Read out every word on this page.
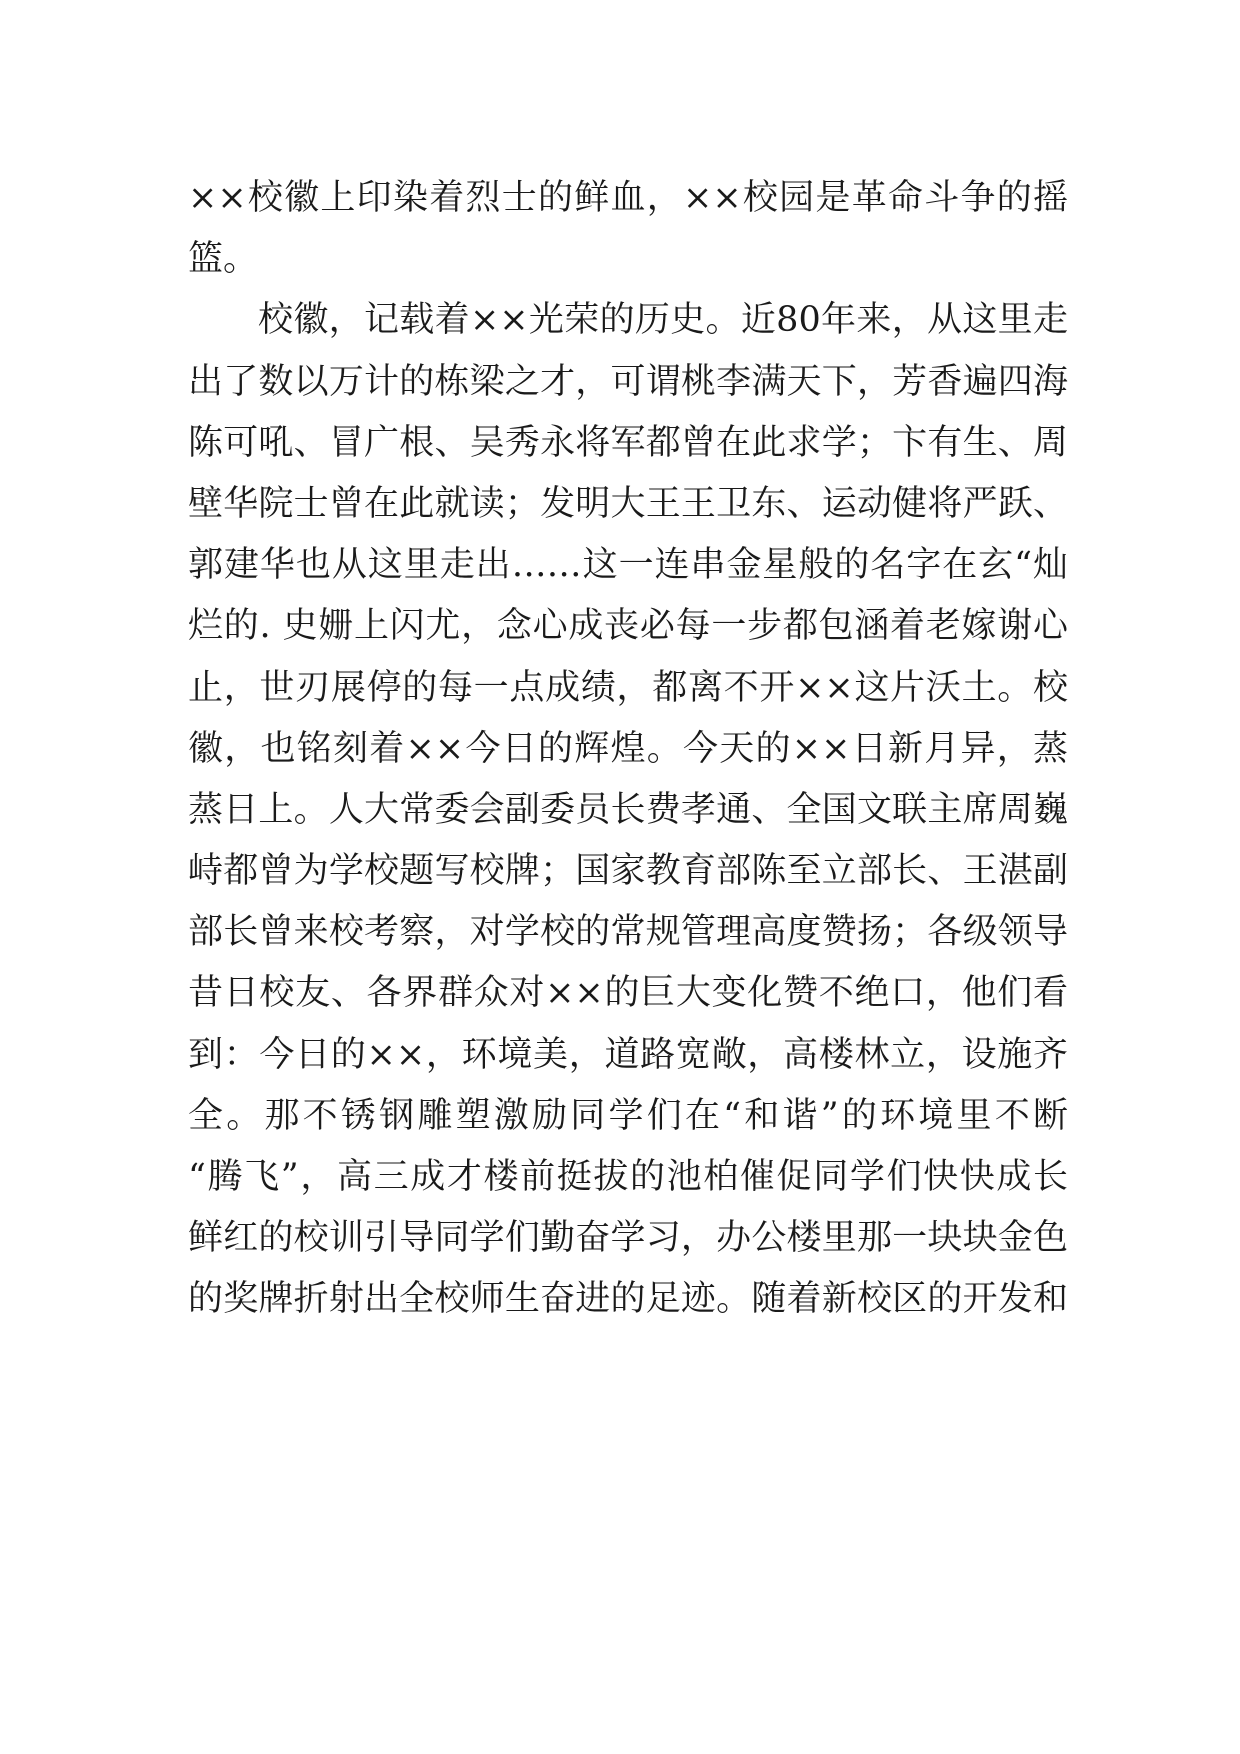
××校徽上印染着烈士的鲜血，××校园是革命斗争的摇
篮。
校徽，记载着××光荣的历史。近80年来，从这里走
出了数以万计的栋梁之才，可谓桃李满天下，芳香遍四海
陈可吼、冒广根、吴秀永将军都曾在此求学；卞有生、周
壁华院士曾在此就读；发明大王王卫东、运动健将严跃、
郭建华也从这里走出……这一连串金星般的名字在玄“灿
烂的. 史姗上闪尤，念心成丧必每一步都包涵着老嫁谢心
止，世刃展停的每一点成绩，都离不开××这片沃土。校
徽，也铭刻着××今日的辉煌。今天的××日新月异，蒸
蒸日上。人大常委会副委员长费孝通、全国文联主席周巍
峙都曾为学校题写校牌；国家教育部陈至立部长、王湛副
部长曾来校考察，对学校的常规管理高度赞扬；各级领导
昔日校友、各界群众对××的巨大变化赞不绝口，他们看
到：今日的××，环境美，道路宽敞，高楼林立，设施齐
全。那不锈钢雕塑激励同学们在“和谐”的环境里不断
“腾飞”，高三成才楼前挺拔的池柏催促同学们快快成长
鲜红的校训引导同学们勤奋学习，办公楼里那一块块金色
的奖牌折射出全校师生奋进的足迹。随着新校区的开发和
